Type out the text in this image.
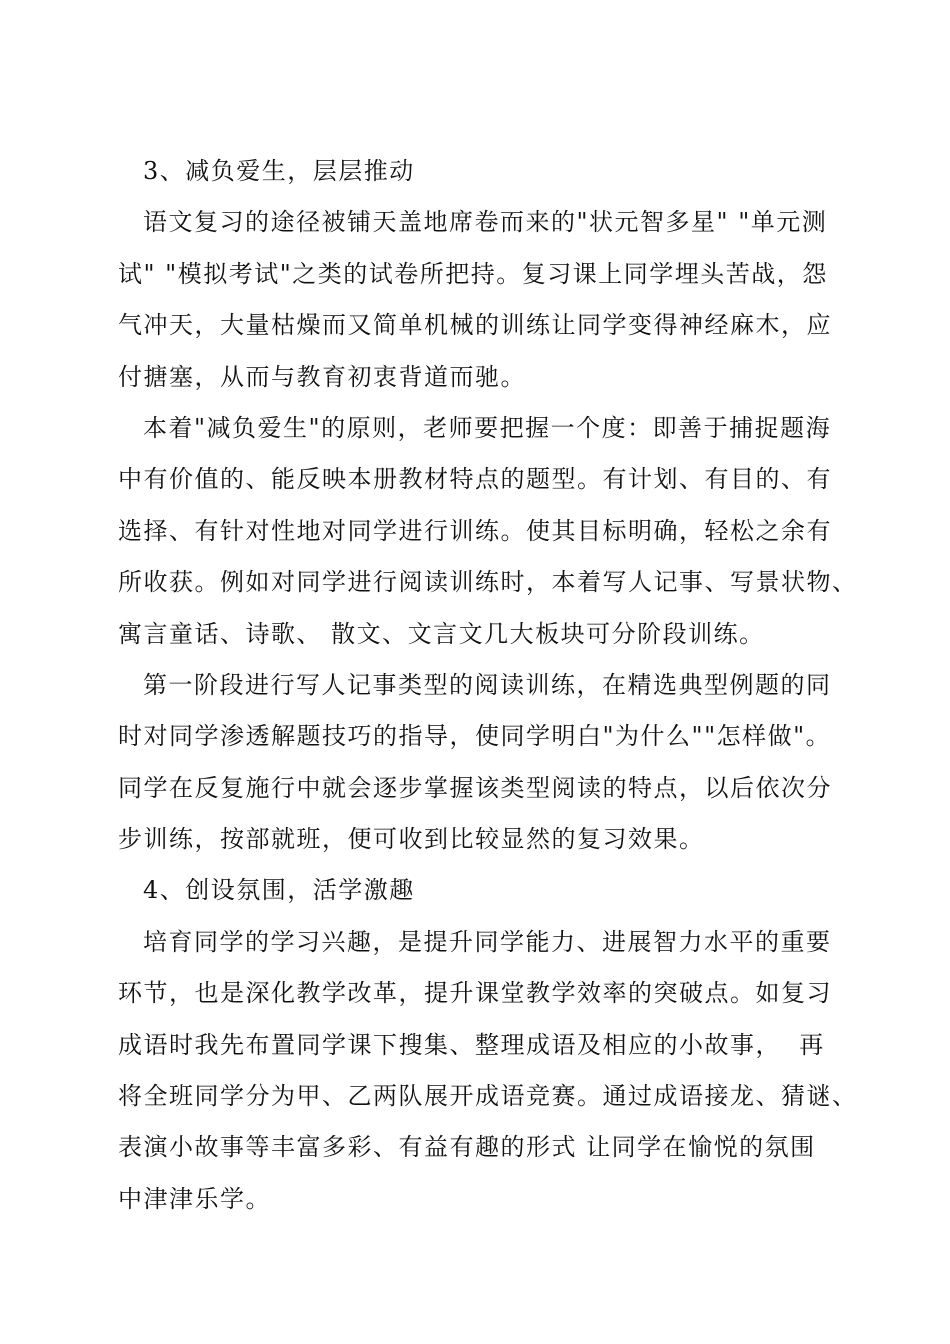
3、减负爱生，层层推动
语文复习的途径被铺天盖地席卷而来的"状元智多星" "单元测
试" "模拟考试"之类的试卷所把持。复习课上同学埋头苦战，怨
气冲天，大量枯燥而又简单机械的训练让同学变得神经麻木，应
付搪塞，从而与教育初衷背道而驰。
本着"减负爱生"的原则，老师要把握一个度：即善于捕捉题海
中有价值的、能反映本册教材特点的题型。有计划、有目的、有
选择、有针对性地对同学进行训练。使其目标明确，轻松之余有
所收获。例如对同学进行阅读训练时，本着写人记事、写景状物、
寓言童话、诗歌、 散文、文言文几大板块可分阶段训练。
第一阶段进行写人记事类型的阅读训练，在精选典型例题的同
时对同学渗透解题技巧的指导，使同学明白"为什么""怎样做"。
同学在反复施行中就会逐步掌握该类型阅读的特点，以后依次分
步训练，按部就班，便可收到比较显然的复习效果。
4、创设氛围，活学激趣
培育同学的学习兴趣，是提升同学能力、进展智力水平的重要
环节，也是深化教学改革，提升课堂教学效率的突破点。如复习
成语时我先布置同学课下搜集、整理成语及相应的小故事，  再
将全班同学分为甲、乙两队展开成语竞赛。通过成语接龙、猜谜、
表演小故事等丰富多彩、有益有趣的形式 让同学在愉悦的氛围
中津津乐学。
